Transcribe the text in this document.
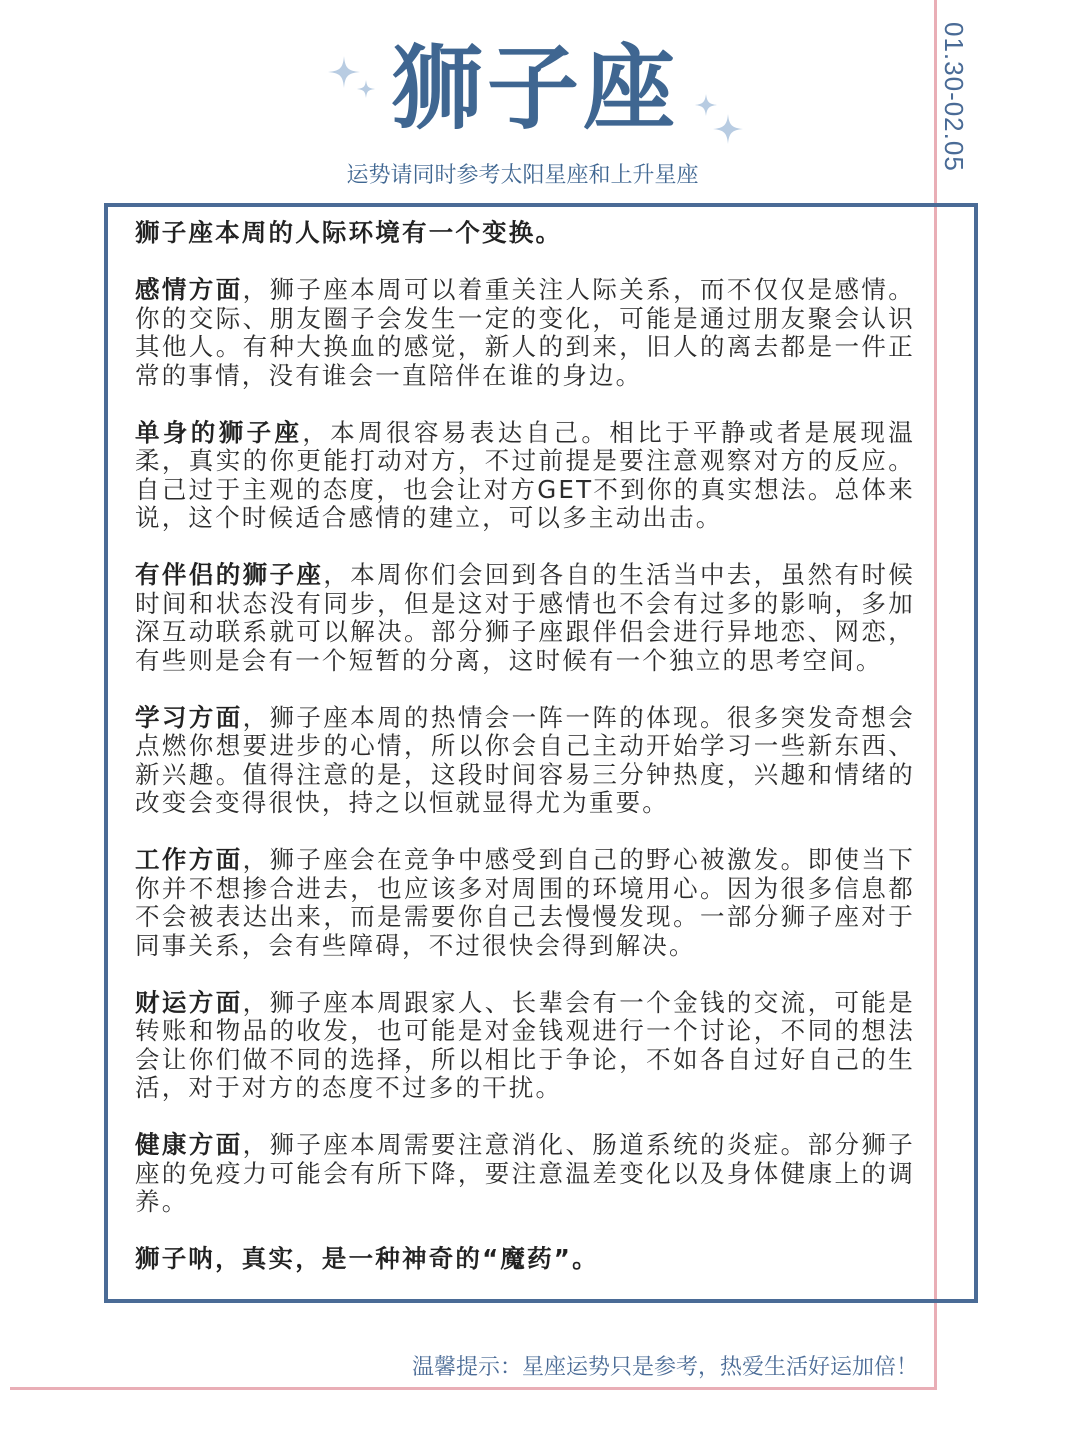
01.30-02.05
狮子座
运势请同时参考太阳星座和上升星座

狮子座本周的人际环境有一个变换。

感情方面，狮子座本周可以着重关注人际关系，而不仅仅是感情。你的交际、朋友圈子会发生一定的变化，可能是通过朋友聚会认识其他人。有种大换血的感觉，新人的到来，旧人的离去都是一件正常的事情，没有谁会一直陪伴在谁的身边。

单身的狮子座，本周很容易表达自己。相比于平静或者是展现温柔，真实的你更能打动对方，不过前提是要注意观察对方的反应。自己过于主观的态度，也会让对方GET不到你的真实想法。总体来说，这个时候适合感情的建立，可以多主动出击。

有伴侣的狮子座，本周你们会回到各自的生活当中去，虽然有时候时间和状态没有同步，但是这对于感情也不会有过多的影响，多加深互动联系就可以解决。部分狮子座跟伴侣会进行异地恋、网恋，有些则是会有一个短暂的分离，这时候有一个独立的思考空间。

学习方面，狮子座本周的热情会一阵一阵的体现。很多突发奇想会点燃你想要进步的心情，所以你会自己主动开始学习一些新东西、新兴趣。值得注意的是，这段时间容易三分钟热度，兴趣和情绪的改变会变得很快，持之以恒就显得尤为重要。

工作方面，狮子座会在竞争中感受到自己的野心被激发。即使当下你并不想掺合进去，也应该多对周围的环境用心。因为很多信息都不会被表达出来，而是需要你自己去慢慢发现。一部分狮子座对于同事关系，会有些障碍，不过很快会得到解决。

财运方面，狮子座本周跟家人、长辈会有一个金钱的交流，可能是转账和物品的收发，也可能是对金钱观进行一个讨论，不同的想法会让你们做不同的选择，所以相比于争论，不如各自过好自己的生活，对于对方的态度不过多的干扰。

健康方面，狮子座本周需要注意消化、肠道系统的炎症。部分狮子座的免疫力可能会有所下降，要注意温差变化以及身体健康上的调养。

狮子呐，真实，是一种神奇的“魔药”。

温馨提示：星座运势只是参考，热爱生活好运加倍！
